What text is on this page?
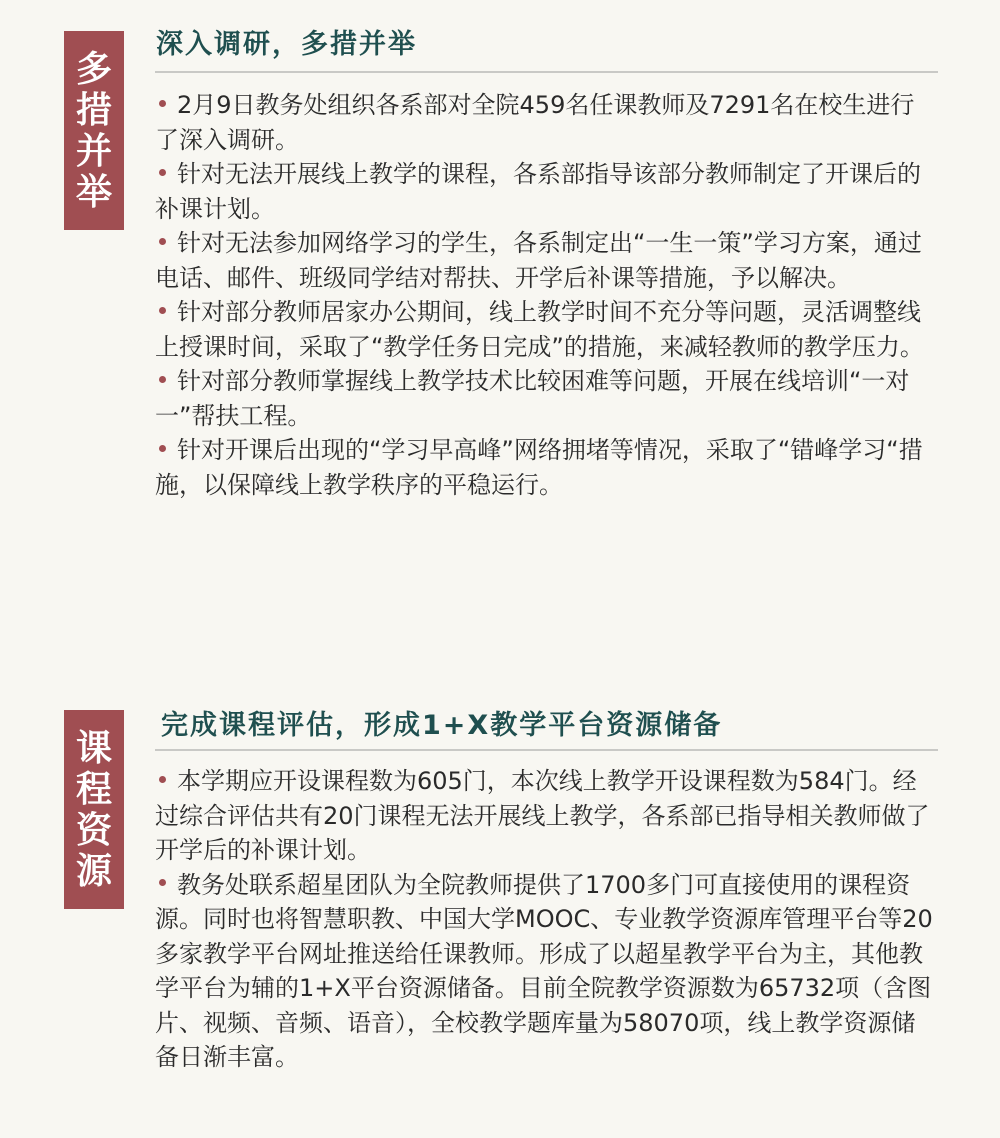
多
措
并
举
深入调研，多措并举
2月9日教务处组织各系部对全院459名任课教师及7291名在校生进行了深入调研。
针对无法开展线上教学的课程，各系部指导该部分教师制定了开课后的补课计划。
针对无法参加网络学习的学生，各系制定出“一生一策”学习方案，通过电话、邮件、班级同学结对帮扶、开学后补课等措施，予以解决。
针对部分教师居家办公期间，线上教学时间不充分等问题，灵活调整线上授课时间，采取了“教学任务日完成”的措施，来减轻教师的教学压力。
针对部分教师掌握线上教学技术比较困难等问题，开展在线培训“一对一”帮扶工程。
针对开课后出现的“学习早高峰”网络拥堵等情况，采取了“错峰学习“措施，以保障线上教学秩序的平稳运行。
课
程
资
源
完成课程评估，形成1+X教学平台资源储备
本学期应开设课程数为605门，本次线上教学开设课程数为584门。经过综合评估共有20门课程无法开展线上教学，各系部已指导相关教师做了开学后的补课计划。
教务处联系超星团队为全院教师提供了1700多门可直接使用的课程资源。同时也将智慧职教、中国大学MOOC、专业教学资源库管理平台等20多家教学平台网址推送给任课教师。形成了以超星教学平台为主，其他教学平台为辅的1+X平台资源储备。目前全院教学资源数为65732项（含图片、视频、音频、语音），全校教学题库量为58070项，线上教学资源储备日渐丰富。
